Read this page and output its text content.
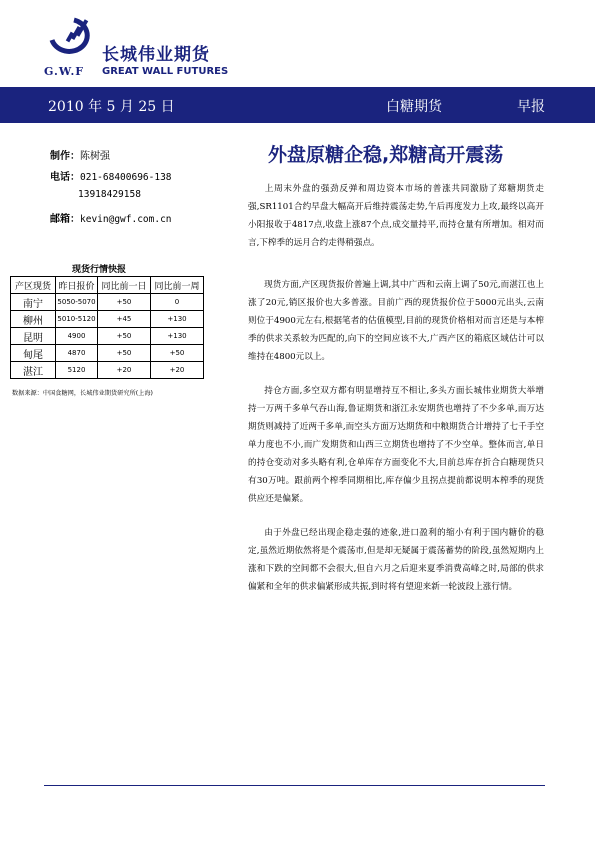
G.W.F
长城伟业期货
GREAT WALL FUTURES
2010 年 5 月 25 日	白糖期货	早报
制作：陈树强
电话：021-68400696-138
13918429158
邮箱：kevin@gwf.com.cn
外盘原糖企稳,郑糖高开震荡
现货行情快报
产区现货	昨日报价	同比前一日	同比前一周
南宁	5050-5070	+50	0
柳州	5010-5120	+45	+130
昆明	4900	+50	+130
甸尾	4870	+50	+50
湛江	5120	+20	+20
数据来源：中国食糖网，长城伟业期货研究所(上海)
上周末外盘的强劲反弹和周边资本市场的普涨共同激励了郑糖期货走强,SR1101合约早盘大幅高开后维持震荡走势,午后再度发力上攻,最终以高开小阳报收于4817点,收盘上涨87个点,成交量持平,而持仓量有所增加。相对而言,下榨季的远月合约走得稍强点。
现货方面,产区现货报价普遍上调,其中广西和云南上调了50元,而湛江也上涨了20元,销区报价也大多普涨。目前广西的现货报价位于5000元出头,云南则位于4900元左右,根据笔者的估值模型,目前的现货价格相对而言还是与本榨季的供求关系较为匹配的,向下的空间应该不大,广西产区的箱底区域估计可以维持在4800元以上。
持仓方面,多空双方都有明显增持互不相让,多头方面长城伟业期货大举增持一万两千多单气吞山海,鲁证期货和浙江永安期货也增持了不少多单,而万达期货则减持了近两千多单,而空头方面万达期货和中粮期货合计增持了七千手空单力度也不小,而广发期货和山西三立期货也增持了不少空单。整体而言,单日的持仓变动对多头略有利,仓单库存方面变化不大,目前总库存折合白糖现货只有30万吨。跟前两个榨季同期相比,库存偏少且拐点提前都说明本榨季的现货供应还是偏紧。
由于外盘已经出现企稳走强的迹象,进口盈利的缩小有利于国内糖价的稳定,虽然近期依然将是个震荡市,但是却无疑属于震荡蓄势的阶段,虽然短期内上涨和下跌的空间都不会很大,但自六月之后迎来夏季消费高峰之时,局部的供求偏紧和全年的供求偏紧形成共振,到时将有望迎来新一轮波段上涨行情。
